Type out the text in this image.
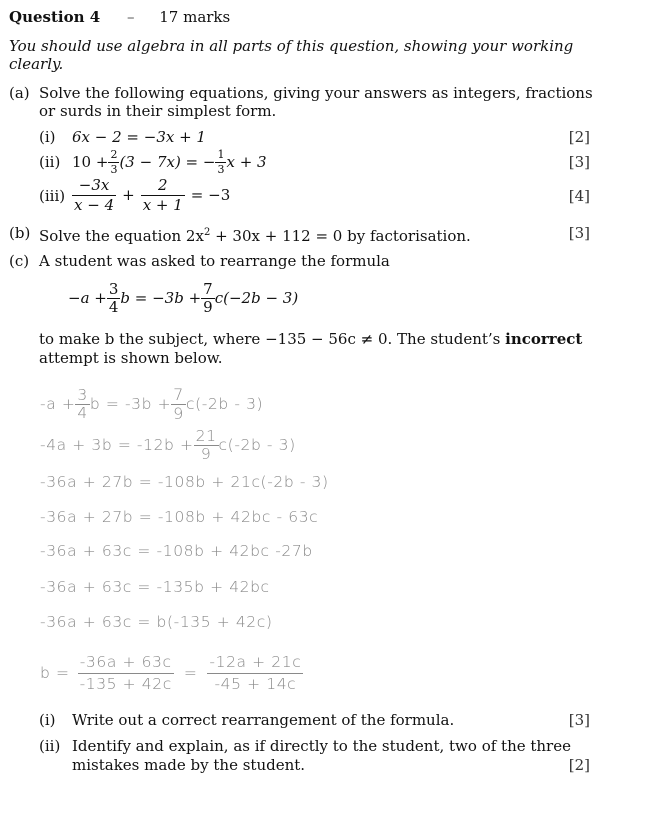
Question 4 – 17 marks
You should use algebra in all parts of this question, showing your working
clearly.
(a) Solve the following equations, giving your answers as integers, fractions
or surds in their simplest form.
(i) 6x − 2 = −3x + 1	[2]
(ii) $10 + \frac{2}{3} (3 - 7x)$ = − $\frac{1}{3}$ x + 3	[3]
$(iii) \frac{-3x}{x - 4} + \frac{2}{x + 1} = -3$	[4]
(b) Solve the equation $2x^2 + 30x + 112 = 0$ by factorisation.	[3]
(c) A student was asked to rearrange the formula
$-a + \frac{3}{4}$ $b = -3b + \frac{7}{9} c(-2b - 3)$
to make b the subject, where −135 − 56c ≠ 0. The student’s incorrect
attempt is shown below.
$-a + \frac{3}{4}$ $b = -3b + \frac{7}{9} c(-2b - 3)$
$-4a + 3b = -12b + \frac{21}{9} c(-2b - 3)$
-36a + 27b = -108b + 21c(-2b - 3)
-36a + 27b = -108b + 42bc - 63c
-36a + 63c = -108b + 42bc -27b
-36a + 63c = -135b + 42bc
-36a + 63c = b(-135 + 42c)
$b = \frac{-36a + 63c}{-135 + 42c} = \frac{-12a + 21c}{-45 + 14c}$
(i) Write out a correct rearrangement of the formula.	[3]
(ii) Identify and explain, as if directly to the student, two of the three
mistakes made by the student.	[2]
